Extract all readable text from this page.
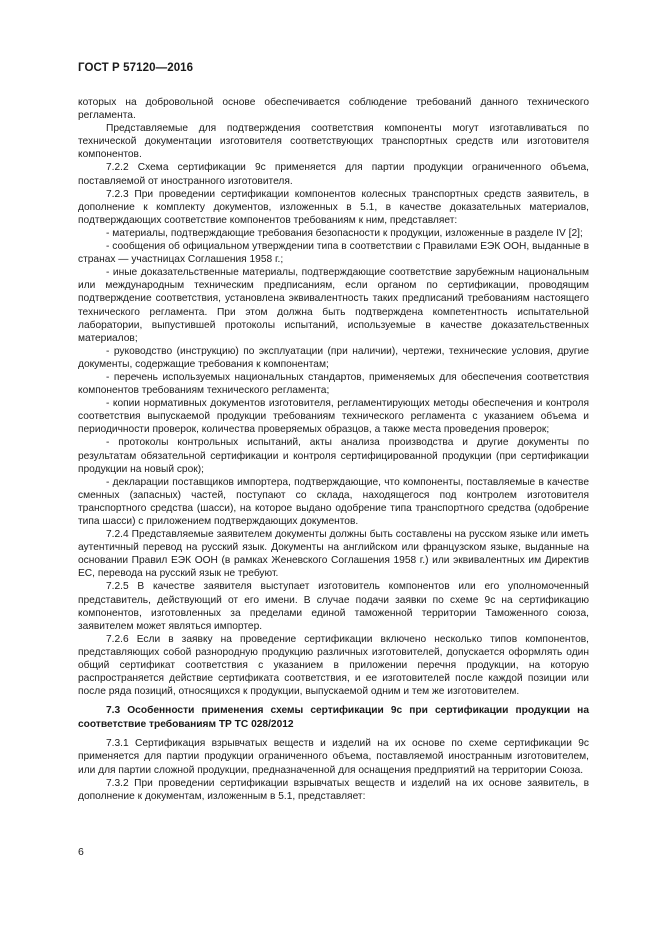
ГОСТ Р 57120—2016

которых на добровольной основе обеспечивается соблюдение требований данного технического регламента.

Представляемые для подтверждения соответствия компоненты могут изготавливаться по технической документации изготовителя соответствующих транспортных средств или изготовителя компонентов.

7.2.2 Схема сертификации 9с применяется для партии продукции ограниченного объема, поставляемой от иностранного изготовителя.

7.2.3 При проведении сертификации компонентов колесных транспортных средств заявитель, в дополнение к комплекту документов, изложенных в 5.1, в качестве доказательных материалов, подтверждающих соответствие компонентов требованиям к ним, представляет:

- материалы, подтверждающие требования безопасности к продукции, изложенные в разделе IV [2];

- сообщения об официальном утверждении типа в соответствии с Правилами ЕЭК ООН, выданные в странах — участницах Соглашения 1958 г.;

- иные доказательственные материалы, подтверждающие соответствие зарубежным национальным или международным техническим предписаниям, если органом по сертификации, проводящим подтверждение соответствия, установлена эквивалентность таких предписаний требованиям настоящего технического регламента. При этом должна быть подтверждена компетентность испытательной лаборатории, выпустившей протоколы испытаний, используемые в качестве доказательственных материалов;

- руководство (инструкцию) по эксплуатации (при наличии), чертежи, технические условия, другие документы, содержащие требования к компонентам;

- перечень используемых национальных стандартов, применяемых для обеспечения соответствия компонентов требованиям технического регламента;

- копии нормативных документов изготовителя, регламентирующих методы обеспечения и контроля соответствия выпускаемой продукции требованиям технического регламента с указанием объема и периодичности проверок, количества проверяемых образцов, а также места проведения проверок;

- протоколы контрольных испытаний, акты анализа производства и другие документы по результатам обязательной сертификации и контроля сертифицированной продукции (при сертификации продукции на новый срок);

- декларации поставщиков импортера, подтверждающие, что компоненты, поставляемые в качестве сменных (запасных) частей, поступают со склада, находящегося под контролем изготовителя транспортного средства (шасси), на которое выдано одобрение типа транспортного средства (одобрение типа шасси) с приложением подтверждающих документов.

7.2.4 Представляемые заявителем документы должны быть составлены на русском языке или иметь аутентичный перевод на русский язык. Документы на английском или французском языке, выданные на основании Правил ЕЭК ООН (в рамках Женевского Соглашения 1958 г.) или эквивалентных им Директив ЕС, перевода на русский язык не требуют.

7.2.5 В качестве заявителя выступает изготовитель компонентов или его уполномоченный представитель, действующий от его имени. В случае подачи заявки по схеме 9с на сертификацию компонентов, изготовленных за пределами единой таможенной территории Таможенного союза, заявителем может являться импортер.

7.2.6 Если в заявку на проведение сертификации включено несколько типов компонентов, представляющих собой разнородную продукцию различных изготовителей, допускается оформлять один общий сертификат соответствия с указанием в приложении перечня продукции, на которую распространяется действие сертификата соответствия, и ее изготовителей после каждой позиции или после ряда позиций, относящихся к продукции, выпускаемой одним и тем же изготовителем.

7.3 Особенности применения схемы сертификации 9с при сертификации продукции на соответствие требованиям ТР ТС 028/2012

7.3.1 Сертификация взрывчатых веществ и изделий на их основе по схеме сертификации 9с применяется для партии продукции ограниченного объема, поставляемой иностранным изготовителем, или для партии сложной продукции, предназначенной для оснащения предприятий на территории Союза.

7.3.2 При проведении сертификации взрывчатых веществ и изделий на их основе заявитель, в дополнение к документам, изложенным в 5.1, представляет:

6
